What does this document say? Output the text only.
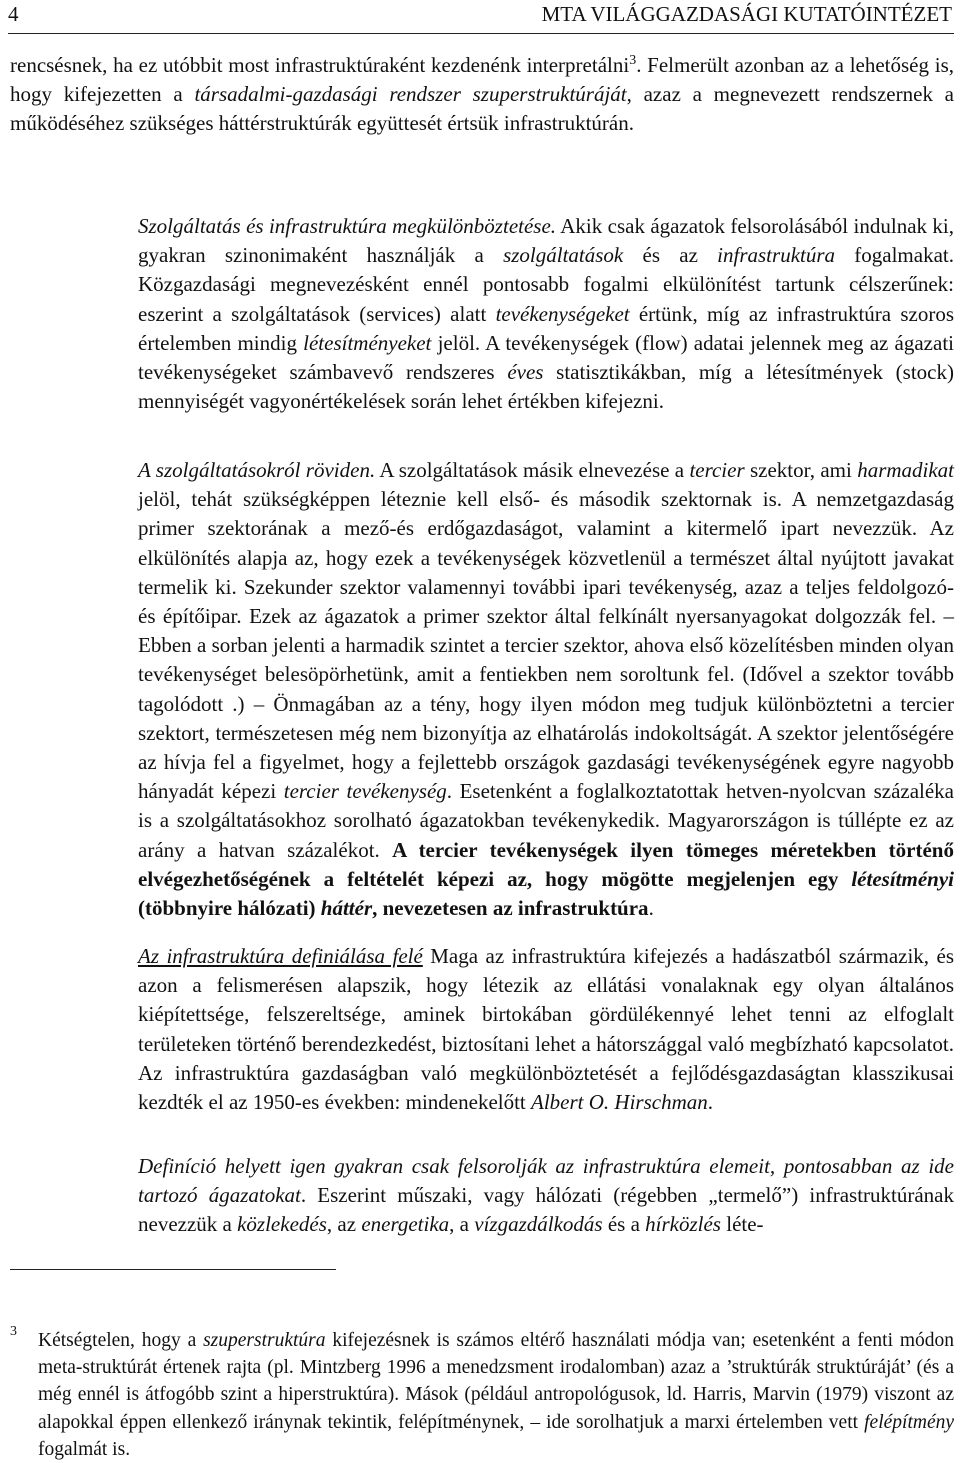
4	MTA VILÁGGAZDASÁGI KUTATÓINTÉZET
rencsésnek, ha ez utóbbit most infrastruktúraként kezdenénk interpretálni$^3$. Felmerült azonban az a lehetőség is, hogy kifejezetten a társadalmi-gazdasági rendszer szuperstruktúráját, azaz a megnevezett rendszernek a működéséhez szükséges háttérstruktúrák együttesét értsük infrastruktúrán.
Szolgáltatás és infrastruktúra megkülönböztetése. Akik csak ágazatok felsorolásából indulnak ki, gyakran szinonimaként használják a szolgáltatások és az infrastruktúra fogalmakat. Közgazdasági megnevezésként ennél pontosabb fogalmi elkülönítést tartunk célszerűnek: eszerint a szolgáltatások (services) alatt tevékenységeket értünk, míg az infrastruktúra szoros értelemben mindig létesítményeket jelöl. A tevékenységek (flow) adatai jelennek meg az ágazati tevékenységeket számbavevő rendszeres éves statisztikákban, míg a létesítmények (stock) mennyiségét vagyonértékelések során lehet értékben kifejezni.
A szolgáltatásokról röviden. A szolgáltatások másik elnevezése a tercier szektor, ami harmadikat jelöl, tehát szükségképpen léteznie kell első- és második szektornak is. A nemzetgazdaság primer szektorának a mező-és erdőgazdaságot, valamint a kitermelő ipart nevezzük. Az elkülönítés alapja az, hogy ezek a tevékenységek közvetlenül a természet által nyújtott javakat termelik ki. Szekunder szektor valamennyi további ipari tevékenység, azaz a teljes feldolgozó- és építőipar. Ezek az ágazatok a primer szektor által felkínált nyersanyagokat dolgozzák fel. – Ebben a sorban jelenti a harmadik szintet a tercier szektor, ahova első közelítésben minden olyan tevékenységet belesöpörhetünk, amit a fentiekben nem soroltunk fel. (Idővel a szektor tovább tagolódott .) – Önmagában az a tény, hogy ilyen módon meg tudjuk különböztetni a tercier szektort, természetesen még nem bizonyítja az elhatárolás indokoltságát. A szektor jelentőségére az hívja fel a figyelmet, hogy a fejlettebb országok gazdasági tevékenységének egyre nagyobb hányadát képezi tercier tevékenység. Esetenként a foglalkoztatottak hetven-nyolcvan százaléka is a szolgáltatásokhoz sorolható ágazatokban tevékenykedik. Magyarországon is túllépte ez az arány a hatvan százalékot. A tercier tevékenységek ilyen tömeges méretekben történő elvégezhetőségének a feltételét képezi az, hogy mögötte megjelenjen egy létesítményi (többnyire hálózati) háttér, nevezetesen az infrastruktúra.
Az infrastruktúra definiálása felé Maga az infrastruktúra kifejezés a hadászatból származik, és azon a felismerésen alapszik, hogy létezik az ellátási vonalaknak egy olyan általános kiépítettsége, felszereltsége, aminek birtokában gördülékennyé lehet tenni az elfoglalt területeken történő berendezkedést, biztosítani lehet a hátországgal való megbízható kapcsolatot. Az infrastruktúra gazdaságban való megkülönböztetését a fejlődésgazdaságtan klasszikusai kezdték el az 1950-es években: mindenekelőtt Albert O. Hirschman.
Definíció helyett igen gyakran csak felsorolják az infrastruktúra elemeit, pontosabban az ide tartozó ágazatokat. Eszerint műszaki, vagy hálózati (régebben „termelő”) infrastruktúrának nevezzük a közlekedés, az energetika, a vízgazdálkodás és a hírközlés léte-
3 Kétségtelen, hogy a szuperstruktúra kifejezésnek is számos eltérő használati módja van; esetenként a fenti módon meta-struktúrát értenek rajta (pl. Mintzberg 1996 a menedzsment irodalomban) azaz a ’struktúrák struktúráját’ (és a még ennél is átfogóbb szint a hiperstruktúra). Mások (például antropológusok, ld. Harris, Marvin (1979) viszont az alapokkal éppen ellenkező iránynak tekintik, felépítménynek, – ide sorolhatjuk a marxi értelemben vett felépítmény fogalmát is.
